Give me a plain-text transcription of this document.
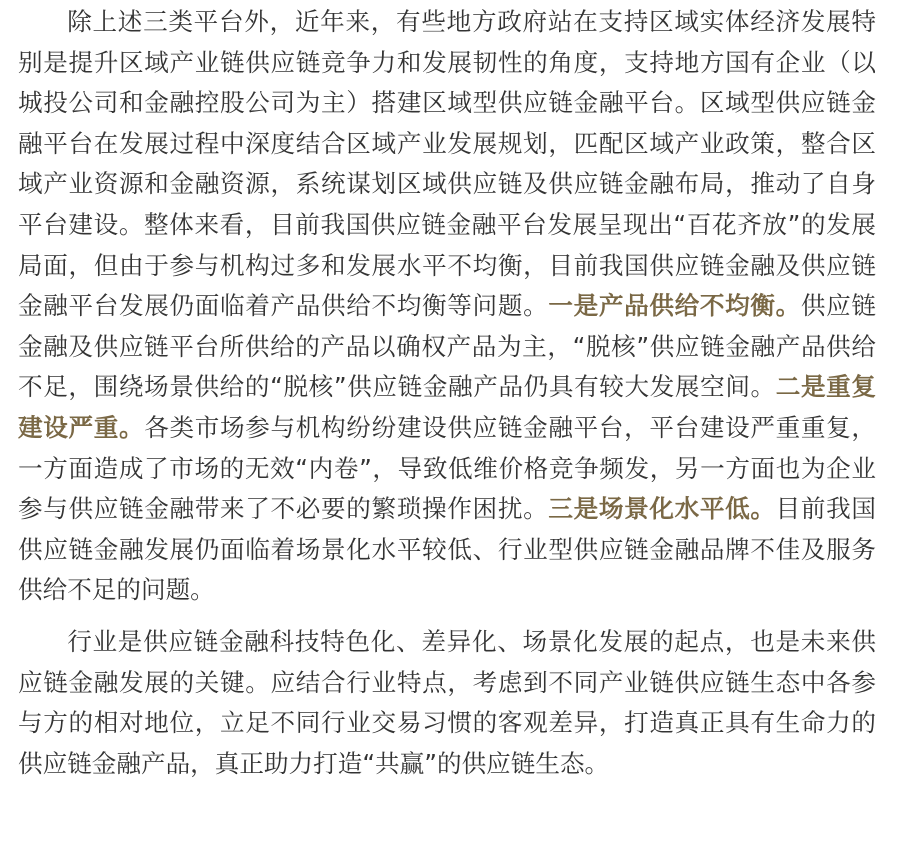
除上述三类平台外，近年来，有些地方政府站在支持区域实体经济发展特别是提升区域产业链供应链竞争力和发展韧性的角度，支持地方国有企业（以城投公司和金融控股公司为主）搭建区域型供应链金融平台。区域型供应链金融平台在发展过程中深度结合区域产业发展规划，匹配区域产业政策，整合区域产业资源和金融资源，系统谋划区域供应链及供应链金融布局，推动了自身平台建设。整体来看，目前我国供应链金融平台发展呈现出“百花齐放”的发展局面，但由于参与机构过多和发展水平不均衡，目前我国供应链金融及供应链金融平台发展仍面临着产品供给不均衡等问题。一是产品供给不均衡。供应链金融及供应链平台所供给的产品以确权产品为主，“脱核”供应链金融产品供给不足，围绕场景供给的“脱核”供应链金融产品仍具有较大发展空间。二是重复建设严重。各类市场参与机构纷纷建设供应链金融平台，平台建设严重重复，一方面造成了市场的无效“内卷”，导致低维价格竞争频发，另一方面也为企业参与供应链金融带来了不必要的繁琐操作困扰。三是场景化水平低。目前我国供应链金融发展仍面临着场景化水平较低、行业型供应链金融品牌不佳及服务供给不足的问题。

行业是供应链金融科技特色化、差异化、场景化发展的起点，也是未来供应链金融发展的关键。应结合行业特点，考虑到不同产业链供应链生态中各参与方的相对地位，立足不同行业交易习惯的客观差异，打造真正具有生命力的供应链金融产品，真正助力打造“共赢”的供应链生态。
